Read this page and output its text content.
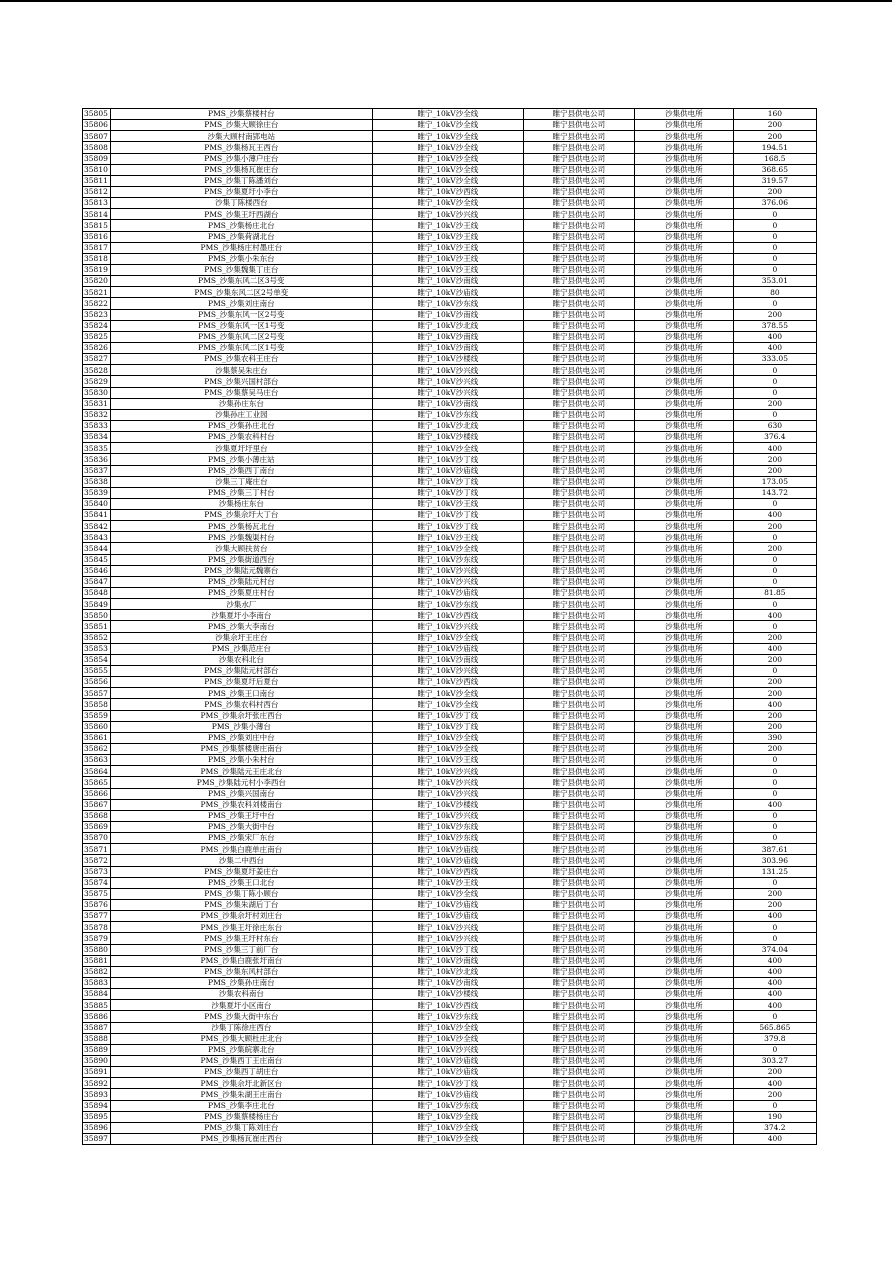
35805	PMS_沙集蔡楼村台	睢宁_10kV沙全线	睢宁县供电公司	沙集供电所	160
35806	PMS_沙集大顾徐庄台	睢宁_10kV沙全线	睢宁县供电公司	沙集供电所	200
35807	沙集大顾村南郢电站	睢宁_10kV沙全线	睢宁县供电公司	沙集供电所	200
35808	PMS_沙集杨瓦王西台	睢宁_10kV沙全线	睢宁县供电公司	沙集供电所	194.51
35809	PMS_沙集小薄户庄台	睢宁_10kV沙全线	睢宁县供电公司	沙集供电所	168.5
35810	PMS_沙集杨瓦崔庄台	睢宁_10kV沙全线	睢宁县供电公司	沙集供电所	368.65
35811	PMS_沙集丁陈潘刘台	睢宁_10kV沙全线	睢宁县供电公司	沙集供电所	319.57
35812	PMS_沙集夏圩小李台	睢宁_10kV沙西线	睢宁县供电公司	沙集供电所	200
35813	沙集丁陈楼西台	睢宁_10kV沙全线	睢宁县供电公司	沙集供电所	376.06
35814	PMS_沙集王圩西湖台	睢宁_10kV沙兴线	睢宁县供电公司	沙集供电所	0
35815	PMS_沙集杨庄北台	睢宁_10kV沙王线	睢宁县供电公司	沙集供电所	0
35816	PMS_沙集荷湖北台	睢宁_10kV沙王线	睢宁县供电公司	沙集供电所	0
35817	PMS_沙集杨庄村墨庄台	睢宁_10kV沙王线	睢宁县供电公司	沙集供电所	0
35818	PMS_沙集小朱东台	睢宁_10kV沙王线	睢宁县供电公司	沙集供电所	0
35819	PMS_沙集魏集丁庄台	睢宁_10kV沙王线	睢宁县供电公司	沙集供电所	0
35820	PMS_沙集东风二区3号变	睢宁_10kV沙南线	睢宁县供电公司	沙集供电所	353.01
35821	PMS_沙集东风二区2号单变	睢宁_10kV沙庙线	睢宁县供电公司	沙集供电所	80
35822	PMS_沙集刘庄南台	睢宁_10kV沙东线	睢宁县供电公司	沙集供电所	0
35823	PMS_沙集东风一区2号变	睢宁_10kV沙南线	睢宁县供电公司	沙集供电所	200
35824	PMS_沙集东风一区1号变	睢宁_10kV沙北线	睢宁县供电公司	沙集供电所	378.55
35825	PMS_沙集东风二区2号变	睢宁_10kV沙南线	睢宁县供电公司	沙集供电所	400
35826	PMS_沙集东风二区1号变	睢宁_10kV沙南线	睢宁县供电公司	沙集供电所	400
35827	PMS_沙集农科王庄台	睢宁_10kV沙楼线	睢宁县供电公司	沙集供电所	333.05
35828	沙集蔡吴朱庄台	睢宁_10kV沙兴线	睢宁县供电公司	沙集供电所	0
35829	PMS_沙集兴国村部台	睢宁_10kV沙兴线	睢宁县供电公司	沙集供电所	0
35830	PMS_沙集蔡吴马庄台	睢宁_10kV沙兴线	睢宁县供电公司	沙集供电所	0
35831	沙集孙庄东台	睢宁_10kV沙南线	睢宁县供电公司	沙集供电所	200
35832	沙集孙庄工业园	睢宁_10kV沙东线	睢宁县供电公司	沙集供电所	0
35833	PMS_沙集孙庄北台	睢宁_10kV沙北线	睢宁县供电公司	沙集供电所	630
35834	PMS_沙集农科村台	睢宁_10kV沙楼线	睢宁县供电公司	沙集供电所	376.4
35835	沙集夏圩圩里台	睢宁_10kV沙全线	睢宁县供电公司	沙集供电所	400
35836	PMS_沙集小薄庄站	睢宁_10kV沙丁线	睢宁县供电公司	沙集供电所	200
35837	PMS_沙集西丁南台	睢宁_10kV沙庙线	睢宁县供电公司	沙集供电所	200
35838	沙集三丁庵庄台	睢宁_10kV沙丁线	睢宁县供电公司	沙集供电所	173.05
35839	PMS_沙集三丁村台	睢宁_10kV沙丁线	睢宁县供电公司	沙集供电所	143.72
35840	沙集杨庄东台	睢宁_10kV沙王线	睢宁县供电公司	沙集供电所	0
35841	PMS_沙集佘圩大丁台	睢宁_10kV沙丁线	睢宁县供电公司	沙集供电所	400
35842	PMS_沙集杨瓦北台	睢宁_10kV沙丁线	睢宁县供电公司	沙集供电所	200
35843	PMS_沙集魏渠村台	睢宁_10kV沙王线	睢宁县供电公司	沙集供电所	0
35844	沙集大顾扶贫台	睢宁_10kV沙全线	睢宁县供电公司	沙集供电所	200
35845	PMS_沙集街道西台	睢宁_10kV沙东线	睢宁县供电公司	沙集供电所	0
35846	PMS_沙集陆元魏寨台	睢宁_10kV沙兴线	睢宁县供电公司	沙集供电所	0
35847	PMS_沙集陆元村台	睢宁_10kV沙兴线	睢宁县供电公司	沙集供电所	0
35848	PMS_沙集夏庄村台	睢宁_10kV沙庙线	睢宁县供电公司	沙集供电所	81.85
35849	沙集水厂	睢宁_10kV沙东线	睢宁县供电公司	沙集供电所	0
35850	沙集夏圩小李南台	睢宁_10kV沙西线	睢宁县供电公司	沙集供电所	400
35851	PMS_沙集大李南台	睢宁_10kV沙兴线	睢宁县供电公司	沙集供电所	0
35852	沙集佘圩王庄台	睢宁_10kV沙全线	睢宁县供电公司	沙集供电所	200
35853	PMS_沙集范庄台	睢宁_10kV沙庙线	睢宁县供电公司	沙集供电所	400
35854	沙集农科北台	睢宁_10kV沙南线	睢宁县供电公司	沙集供电所	200
35855	PMS_沙集陆元村部台	睢宁_10kV沙兴线	睢宁县供电公司	沙集供电所	0
35856	PMS_沙集夏圩后夏台	睢宁_10kV沙西线	睢宁县供电公司	沙集供电所	200
35857	PMS_沙集王口南台	睢宁_10kV沙全线	睢宁县供电公司	沙集供电所	200
35858	PMS_沙集农科村西台	睢宁_10kV沙全线	睢宁县供电公司	沙集供电所	400
35859	PMS_沙集佘圩张庄西台	睢宁_10kV沙丁线	睢宁县供电公司	沙集供电所	200
35860	PMS_沙集小薄台	睢宁_10kV沙丁线	睢宁县供电公司	沙集供电所	200
35861	PMS_沙集刘庄中台	睢宁_10kV沙全线	睢宁县供电公司	沙集供电所	390
35862	PMS_沙集蔡楼唐庄南台	睢宁_10kV沙全线	睢宁县供电公司	沙集供电所	200
35863	PMS_沙集小朱村台	睢宁_10kV沙王线	睢宁县供电公司	沙集供电所	0
35864	PMS_沙集陆元王庄北台	睢宁_10kV沙兴线	睢宁县供电公司	沙集供电所	0
35865	PMS_沙集陆元村小李西台	睢宁_10kV沙兴线	睢宁县供电公司	沙集供电所	0
35866	PMS_沙集兴国南台	睢宁_10kV沙兴线	睢宁县供电公司	沙集供电所	0
35867	PMS_沙集农科刘楼南台	睢宁_10kV沙楼线	睢宁县供电公司	沙集供电所	400
35868	PMS_沙集王圩中台	睢宁_10kV沙兴线	睢宁县供电公司	沙集供电所	0
35869	PMS_沙集大街中台	睢宁_10kV沙东线	睢宁县供电公司	沙集供电所	0
35870	PMS_沙集宋厂东台	睢宁_10kV沙东线	睢宁县供电公司	沙集供电所	0
35871	PMS_沙集白鹿单庄南台	睢宁_10kV沙庙线	睢宁县供电公司	沙集供电所	387.61
35872	沙集二中西台	睢宁_10kV沙庙线	睢宁县供电公司	沙集供电所	303.96
35873	PMS_沙集夏圩姜庄台	睢宁_10kV沙西线	睢宁县供电公司	沙集供电所	131.25
35874	PMS_沙集王口北台	睢宁_10kV沙王线	睢宁县供电公司	沙集供电所	0
35875	PMS_沙集丁陈小顾台	睢宁_10kV沙全线	睢宁县供电公司	沙集供电所	200
35876	PMS_沙集朱湖后丁台	睢宁_10kV沙庙线	睢宁县供电公司	沙集供电所	200
35877	PMS_沙集佘圩村刘庄台	睢宁_10kV沙庙线	睢宁县供电公司	沙集供电所	400
35878	PMS_沙集王圩徐庄东台	睢宁_10kV沙兴线	睢宁县供电公司	沙集供电所	0
35879	PMS_沙集王圩村东台	睢宁_10kV沙兴线	睢宁县供电公司	沙集供电所	0
35880	PMS_沙集三丁前厂台	睢宁_10kV沙丁线	睢宁县供电公司	沙集供电所	374.04
35881	PMS_沙集白鹿张圩南台	睢宁_10kV沙南线	睢宁县供电公司	沙集供电所	400
35882	PMS_沙集东风村部台	睢宁_10kV沙北线	睢宁县供电公司	沙集供电所	400
35883	PMS_沙集孙庄南台	睢宁_10kV沙南线	睢宁县供电公司	沙集供电所	400
35884	沙集农科南台	睢宁_10kV沙楼线	睢宁县供电公司	沙集供电所	400
35885	沙集夏圩小区南台	睢宁_10kV沙西线	睢宁县供电公司	沙集供电所	400
35886	PMS_沙集大街中东台	睢宁_10kV沙东线	睢宁县供电公司	沙集供电所	0
35887	沙集丁陈徐庄西台	睢宁_10kV沙全线	睢宁县供电公司	沙集供电所	565.865
35888	PMS_沙集大顾杜庄北台	睢宁_10kV沙全线	睢宁县供电公司	沙集供电所	379.8
35889	PMS_沙集皖寨北台	睢宁_10kV沙兴线	睢宁县供电公司	沙集供电所	0
35890	PMS_沙集西丁王庄南台	睢宁_10kV沙庙线	睢宁县供电公司	沙集供电所	303.27
35891	PMS_沙集西丁胡庄台	睢宁_10kV沙庙线	睢宁县供电公司	沙集供电所	200
35892	PMS_沙集佘圩北新区台	睢宁_10kV沙丁线	睢宁县供电公司	沙集供电所	400
35893	PMS_沙集朱湖王庄南台	睢宁_10kV沙庙线	睢宁县供电公司	沙集供电所	200
35894	PMS_沙集李庄北台	睢宁_10kV沙东线	睢宁县供电公司	沙集供电所	0
35895	PMS_沙集蔡楼杨庄台	睢宁_10kV沙全线	睢宁县供电公司	沙集供电所	190
35896	PMS_沙集丁陈刘庄台	睢宁_10kV沙全线	睢宁县供电公司	沙集供电所	374.2
35897	PMS_沙集杨瓦崔庄西台	睢宁_10kV沙全线	睢宁县供电公司	沙集供电所	400
